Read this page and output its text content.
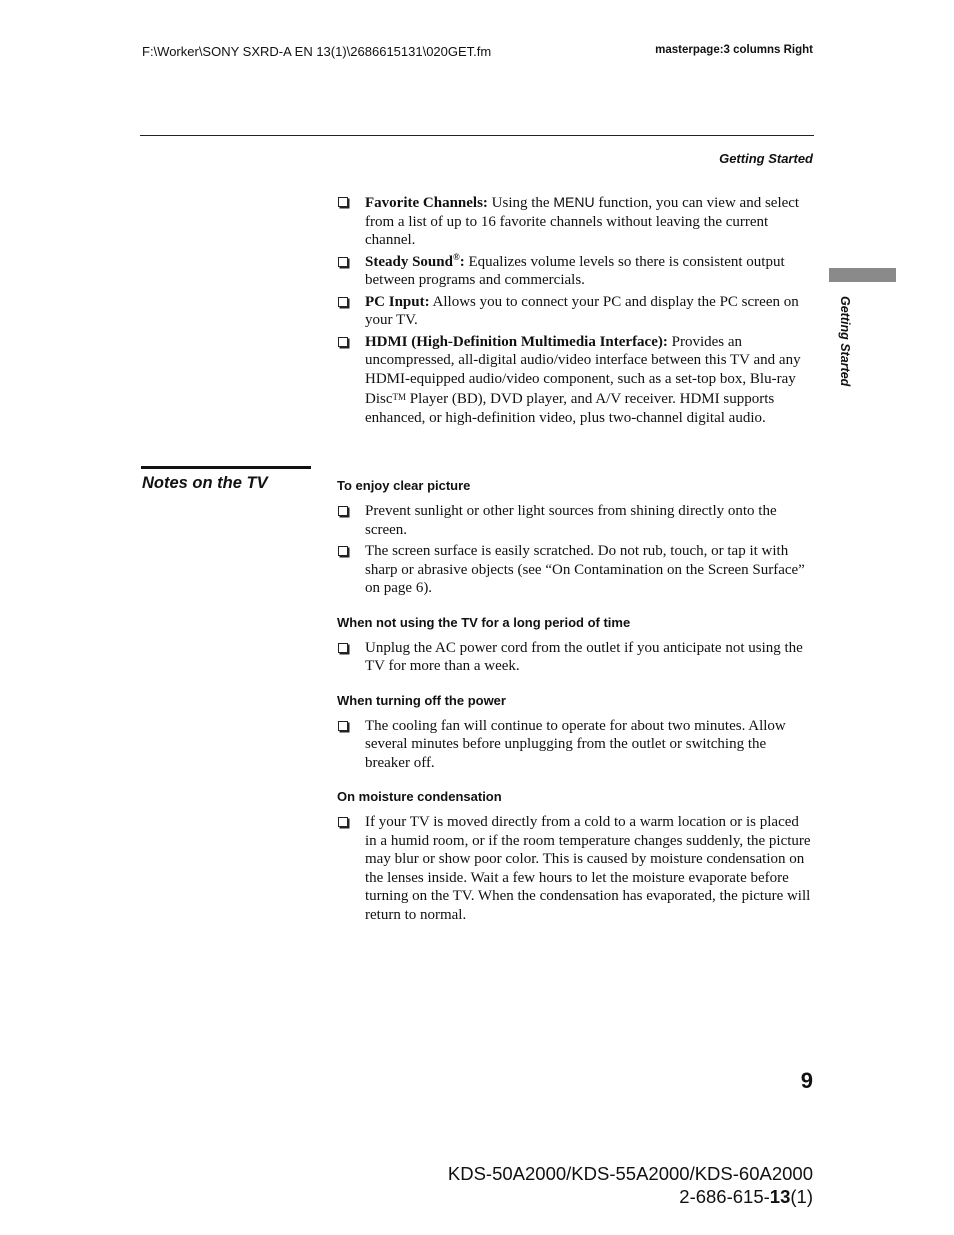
F:\Worker\SONY SXRD-A EN 13(1)\2686615131\020GET.fm	masterpage:3 columns Right
Getting Started
Getting Started
Favorite Channels: Using the MENU function, you can view and select from a list of up to 16 favorite channels without leaving the current channel.
Steady Sound®: Equalizes volume levels so there is consistent output between programs and commercials.
PC Input: Allows you to connect your PC and display the PC screen on your TV.
HDMI (High-Definition Multimedia Interface): Provides an uncompressed, all-digital audio/video interface between this TV and any HDMI-equipped audio/video component, such as a set-top box, Blu-ray Disc™ Player (BD), DVD player, and A/V receiver. HDMI supports enhanced, or high-definition video, plus two-channel digital audio.
Notes on the TV	To enjoy clear picture
Prevent sunlight or other light sources from shining directly onto the screen.
The screen surface is easily scratched. Do not rub, touch, or tap it with sharp or abrasive objects (see “On Contamination on the Screen Surface” on page 6).
When not using the TV for a long period of time
Unplug the AC power cord from the outlet if you anticipate not using the TV for more than a week.
When turning off the power
The cooling fan will continue to operate for about two minutes. Allow several minutes before unplugging from the outlet or switching the breaker off.
On moisture condensation
If your TV is moved directly from a cold to a warm location or is placed in a humid room, or if the room temperature changes suddenly, the picture may blur or show poor color. This is caused by moisture condensation on the lenses inside. Wait a few hours to let the moisture evaporate before turning on the TV. When the condensation has evaporated, the picture will return to normal.
9
KDS-50A2000/KDS-55A2000/KDS-60A2000
2-686-615-13(1)
